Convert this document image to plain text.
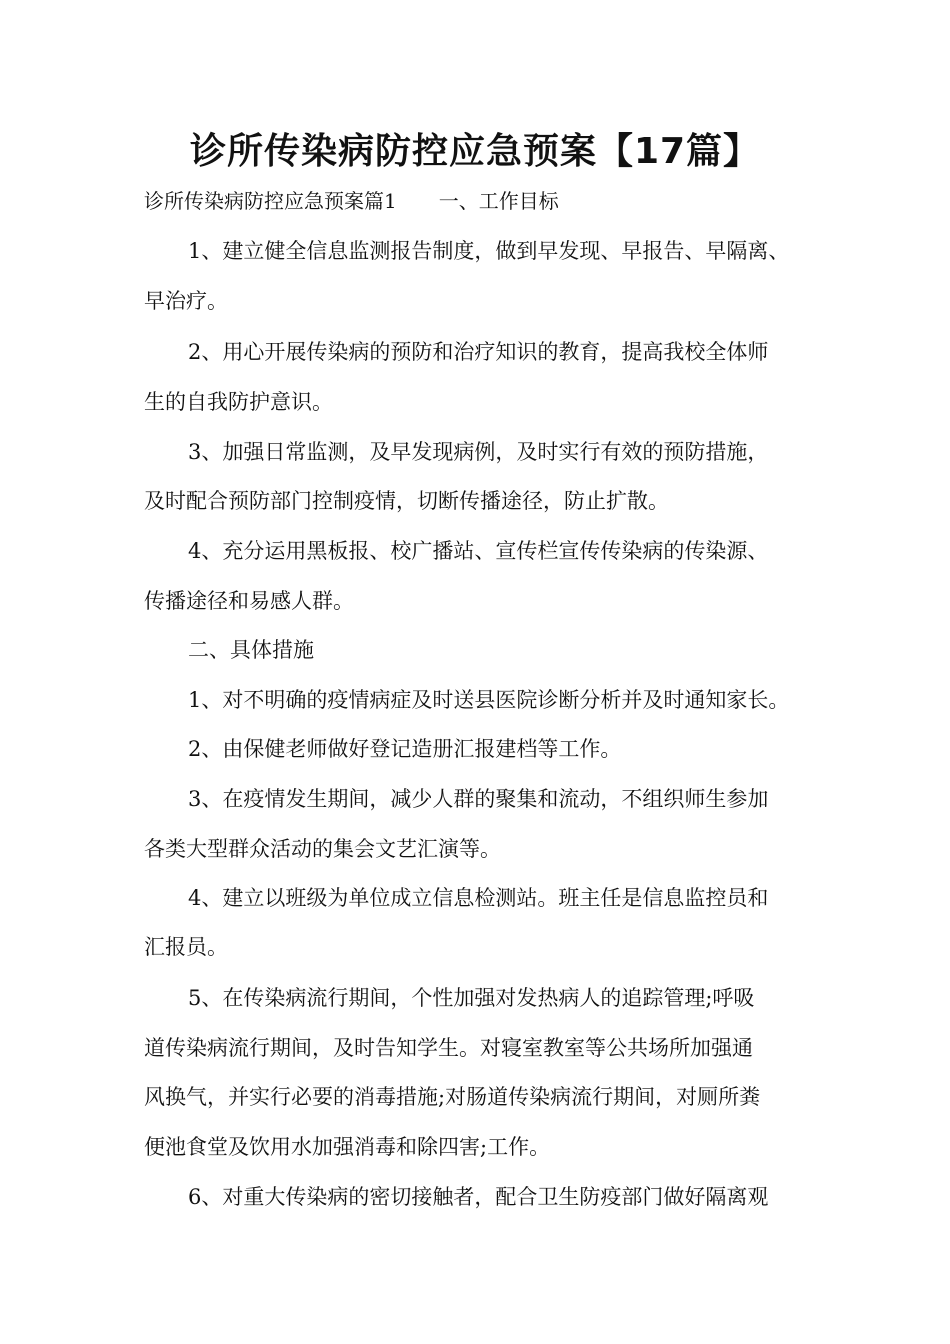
诊所传染病防控应急预案【17篇】
诊所传染病防控应急预案篇1 一、工作目标
1、建立健全信息监测报告制度，做到早发现、早报告、早隔离、
早治疗。
2、用心开展传染病的预防和治疗知识的教育，提高我校全体师
生的自我防护意识。
3、加强日常监测，及早发现病例，及时实行有效的预防措施，
及时配合预防部门控制疫情，切断传播途径，防止扩散。
4、充分运用黑板报、校广播站、宣传栏宣传传染病的传染源、
传播途径和易感人群。
二、具体措施
1、对不明确的疫情病症及时送县医院诊断分析并及时通知家长。
2、由保健老师做好登记造册汇报建档等工作。
3、在疫情发生期间，减少人群的聚集和流动，不组织师生参加
各类大型群众活动的集会文艺汇演等。
4、建立以班级为单位成立信息检测站。班主任是信息监控员和
汇报员。
5、在传染病流行期间，个性加强对发热病人的追踪管理;呼吸
道传染病流行期间，及时告知学生。对寝室教室等公共场所加强通
风换气，并实行必要的消毒措施;对肠道传染病流行期间，对厕所粪
便池食堂及饮用水加强消毒和除四害;工作。
6、对重大传染病的密切接触者，配合卫生防疫部门做好隔离观
